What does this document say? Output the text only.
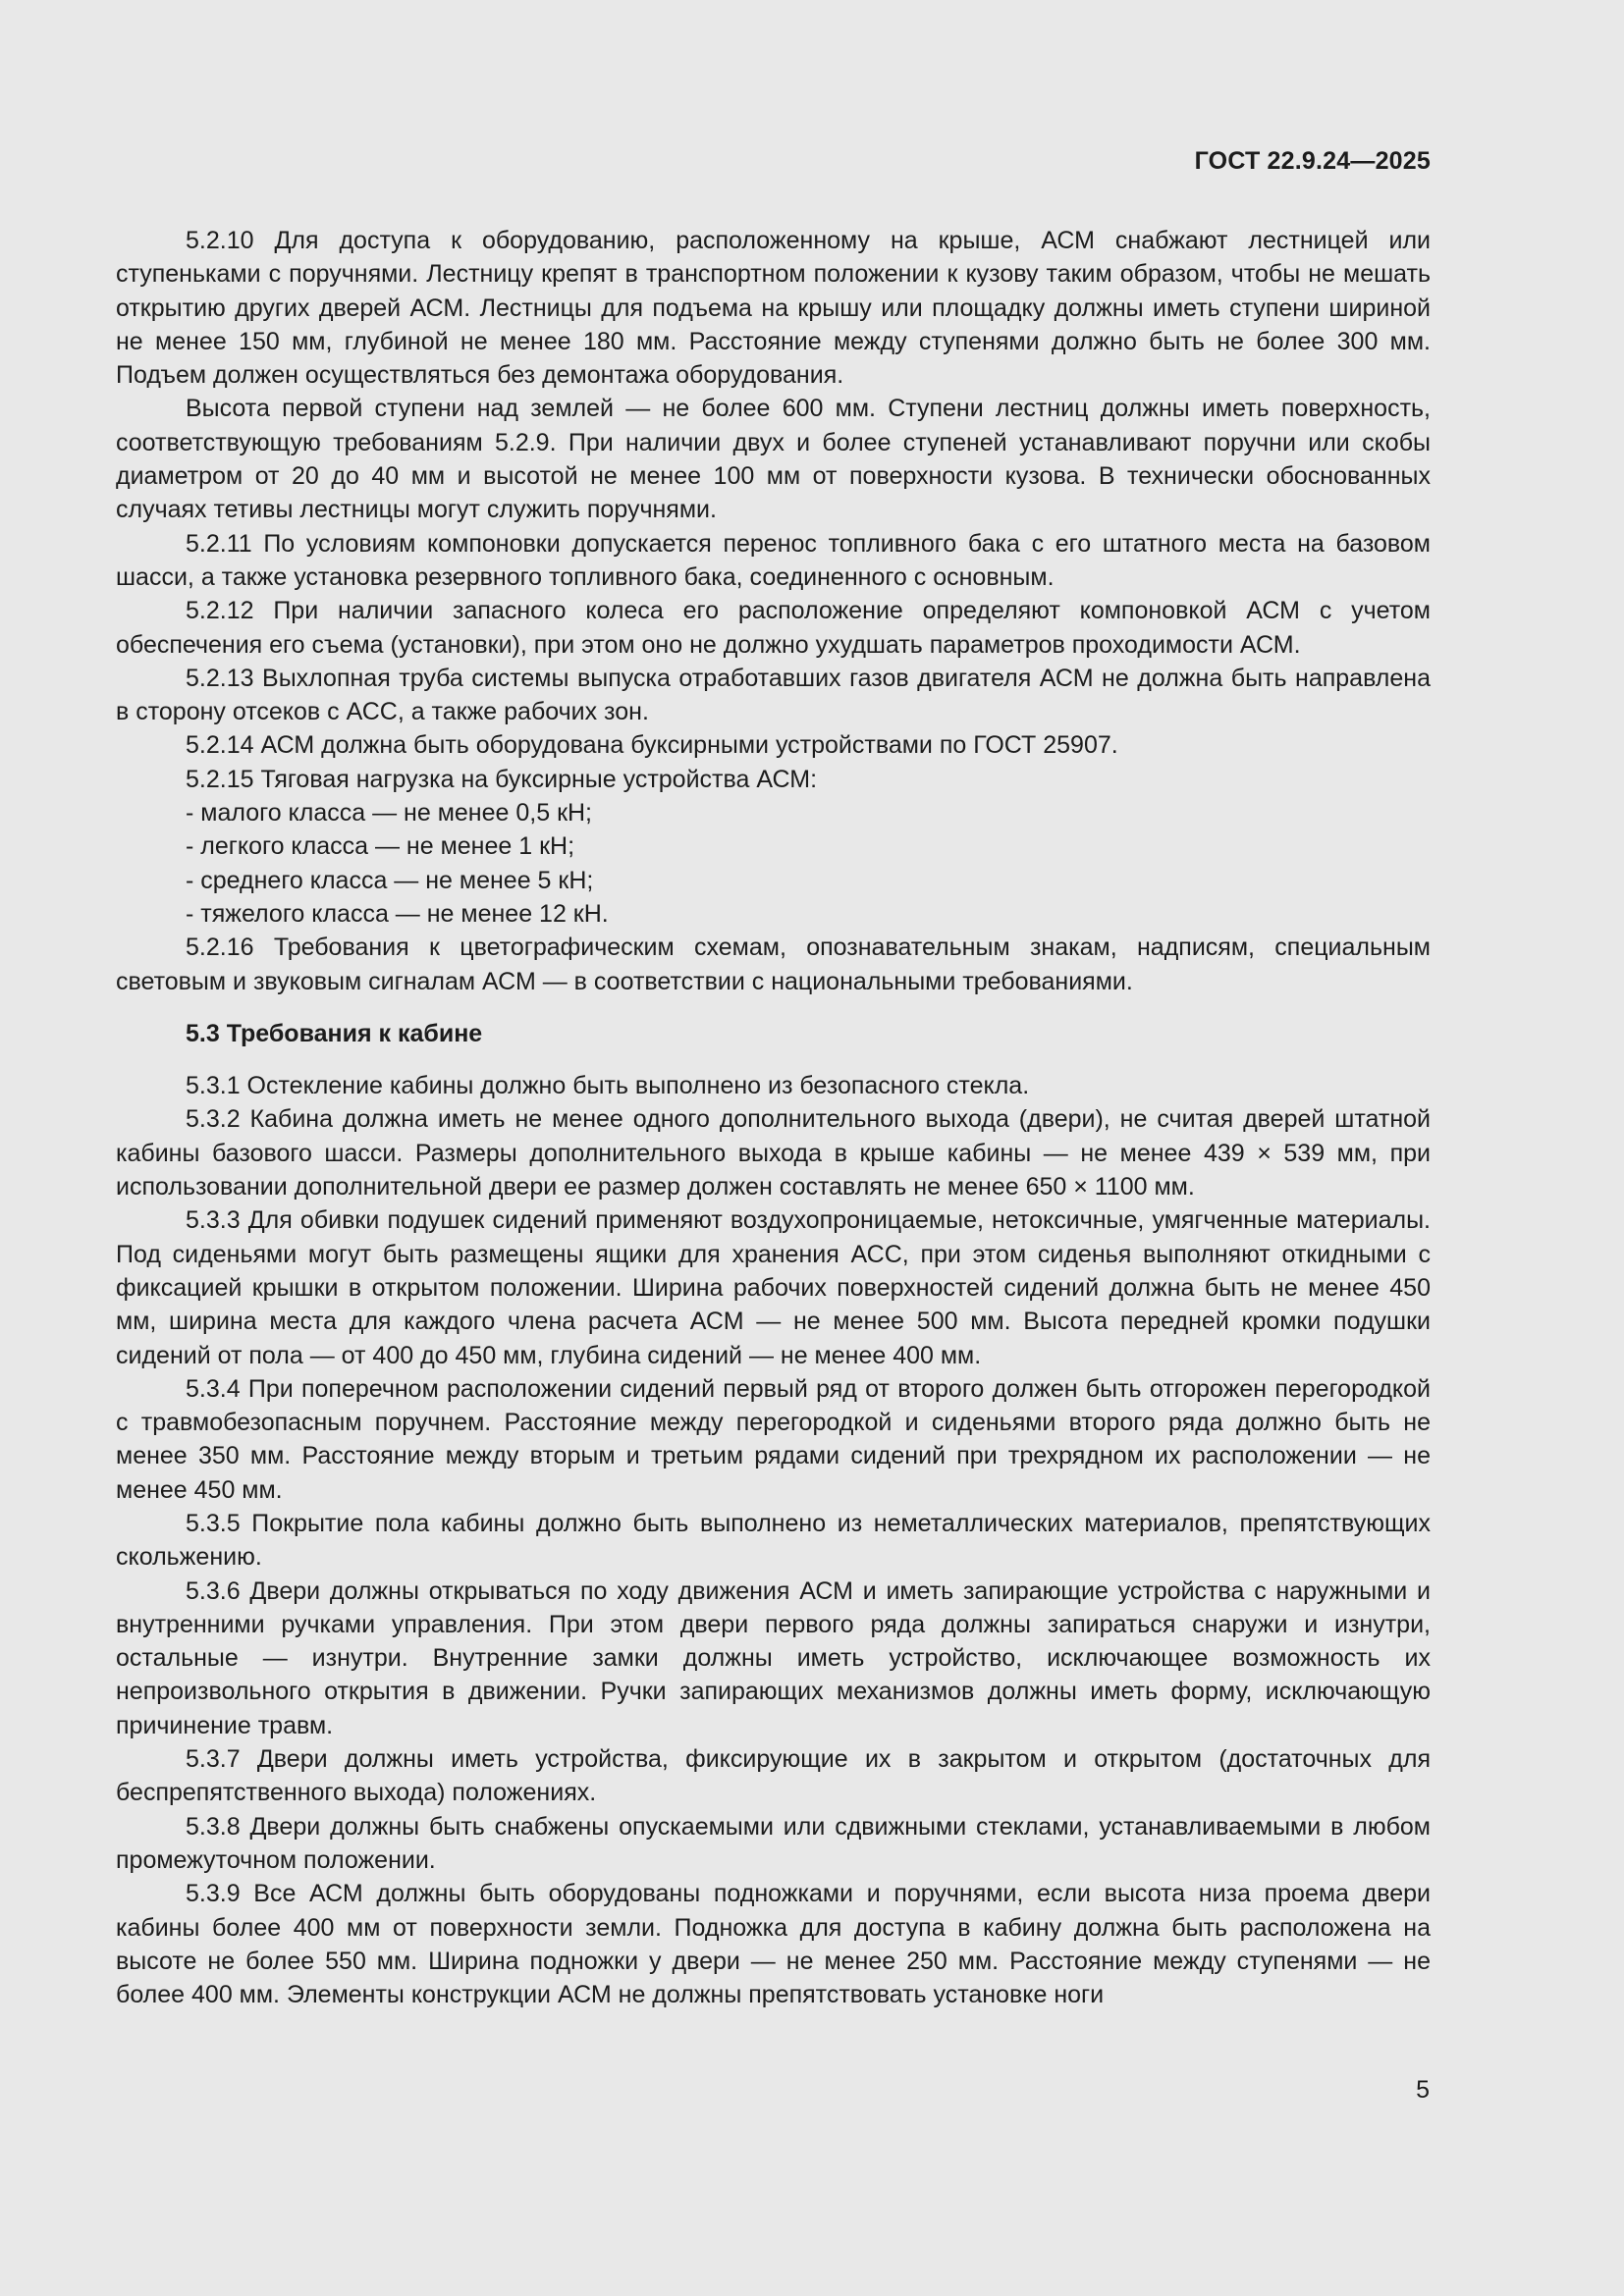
ГОСТ 22.9.24—2025

5.2.10 Для доступа к оборудованию, расположенному на крыше, АСМ снабжают лестницей или ступеньками с поручнями. Лестницу крепят в транспортном положении к кузову таким образом, чтобы не мешать открытию других дверей АСМ. Лестницы для подъема на крышу или площадку должны иметь ступени шириной не менее 150 мм, глубиной не менее 180 мм. Расстояние между ступенями должно быть не более 300 мм. Подъем должен осуществляться без демонтажа оборудования.

Высота первой ступени над землей — не более 600 мм. Ступени лестниц должны иметь поверхность, соответствующую требованиям 5.2.9. При наличии двух и более ступеней устанавливают поручни или скобы диаметром от 20 до 40 мм и высотой не менее 100 мм от поверхности кузова. В технически обоснованных случаях тетивы лестницы могут служить поручнями.

5.2.11 По условиям компоновки допускается перенос топливного бака с его штатного места на базовом шасси, а также установка резервного топливного бака, соединенного с основным.

5.2.12 При наличии запасного колеса его расположение определяют компоновкой АСМ с учетом обеспечения его съема (установки), при этом оно не должно ухудшать параметров проходимости АСМ.

5.2.13 Выхлопная труба системы выпуска отработавших газов двигателя АСМ не должна быть направлена в сторону отсеков с АСС, а также рабочих зон.

5.2.14 АСМ должна быть оборудована буксирными устройствами по ГОСТ 25907.

5.2.15 Тяговая нагрузка на буксирные устройства АСМ:

- малого класса — не менее 0,5 кН;

- легкого класса — не менее 1 кН;

- среднего класса — не менее 5 кН;

- тяжелого класса — не менее 12 кН.

5.2.16 Требования к цветографическим схемам, опознавательным знакам, надписям, специальным световым и звуковым сигналам АСМ — в соответствии с национальными требованиями.

5.3 Требования к кабине

5.3.1 Остекление кабины должно быть выполнено из безопасного стекла.

5.3.2 Кабина должна иметь не менее одного дополнительного выхода (двери), не считая дверей штатной кабины базового шасси. Размеры дополнительного выхода в крыше кабины — не менее 439 × 539 мм, при использовании дополнительной двери ее размер должен составлять не менее 650 × 1100 мм.

5.3.3 Для обивки подушек сидений применяют воздухопроницаемые, нетоксичные, умягченные материалы. Под сиденьями могут быть размещены ящики для хранения АСС, при этом сиденья выполняют откидными с фиксацией крышки в открытом положении. Ширина рабочих поверхностей сидений должна быть не менее 450 мм, ширина места для каждого члена расчета АСМ — не менее 500 мм. Высота передней кромки подушки сидений от пола — от 400 до 450 мм, глубина сидений — не менее 400 мм.

5.3.4 При поперечном расположении сидений первый ряд от второго должен быть отгорожен перегородкой с травмобезопасным поручнем. Расстояние между перегородкой и сиденьями второго ряда должно быть не менее 350 мм. Расстояние между вторым и третьим рядами сидений при трехрядном их расположении — не менее 450 мм.

5.3.5 Покрытие пола кабины должно быть выполнено из неметаллических материалов, препятствующих скольжению.

5.3.6 Двери должны открываться по ходу движения АСМ и иметь запирающие устройства с наружными и внутренними ручками управления. При этом двери первого ряда должны запираться снаружи и изнутри, остальные — изнутри. Внутренние замки должны иметь устройство, исключающее возможность их непроизвольного открытия в движении. Ручки запирающих механизмов должны иметь форму, исключающую причинение травм.

5.3.7 Двери должны иметь устройства, фиксирующие их в закрытом и открытом (достаточных для беспрепятственного выхода) положениях.

5.3.8 Двери должны быть снабжены опускаемыми или сдвижными стеклами, устанавливаемыми в любом промежуточном положении.

5.3.9 Все АСМ должны быть оборудованы подножками и поручнями, если высота низа проема двери кабины более 400 мм от поверхности земли. Подножка для доступа в кабину должна быть расположена на высоте не более 550 мм. Ширина подножки у двери — не менее 250 мм. Расстояние между ступенями — не более 400 мм. Элементы конструкции АСМ не должны препятствовать установке ноги

5
